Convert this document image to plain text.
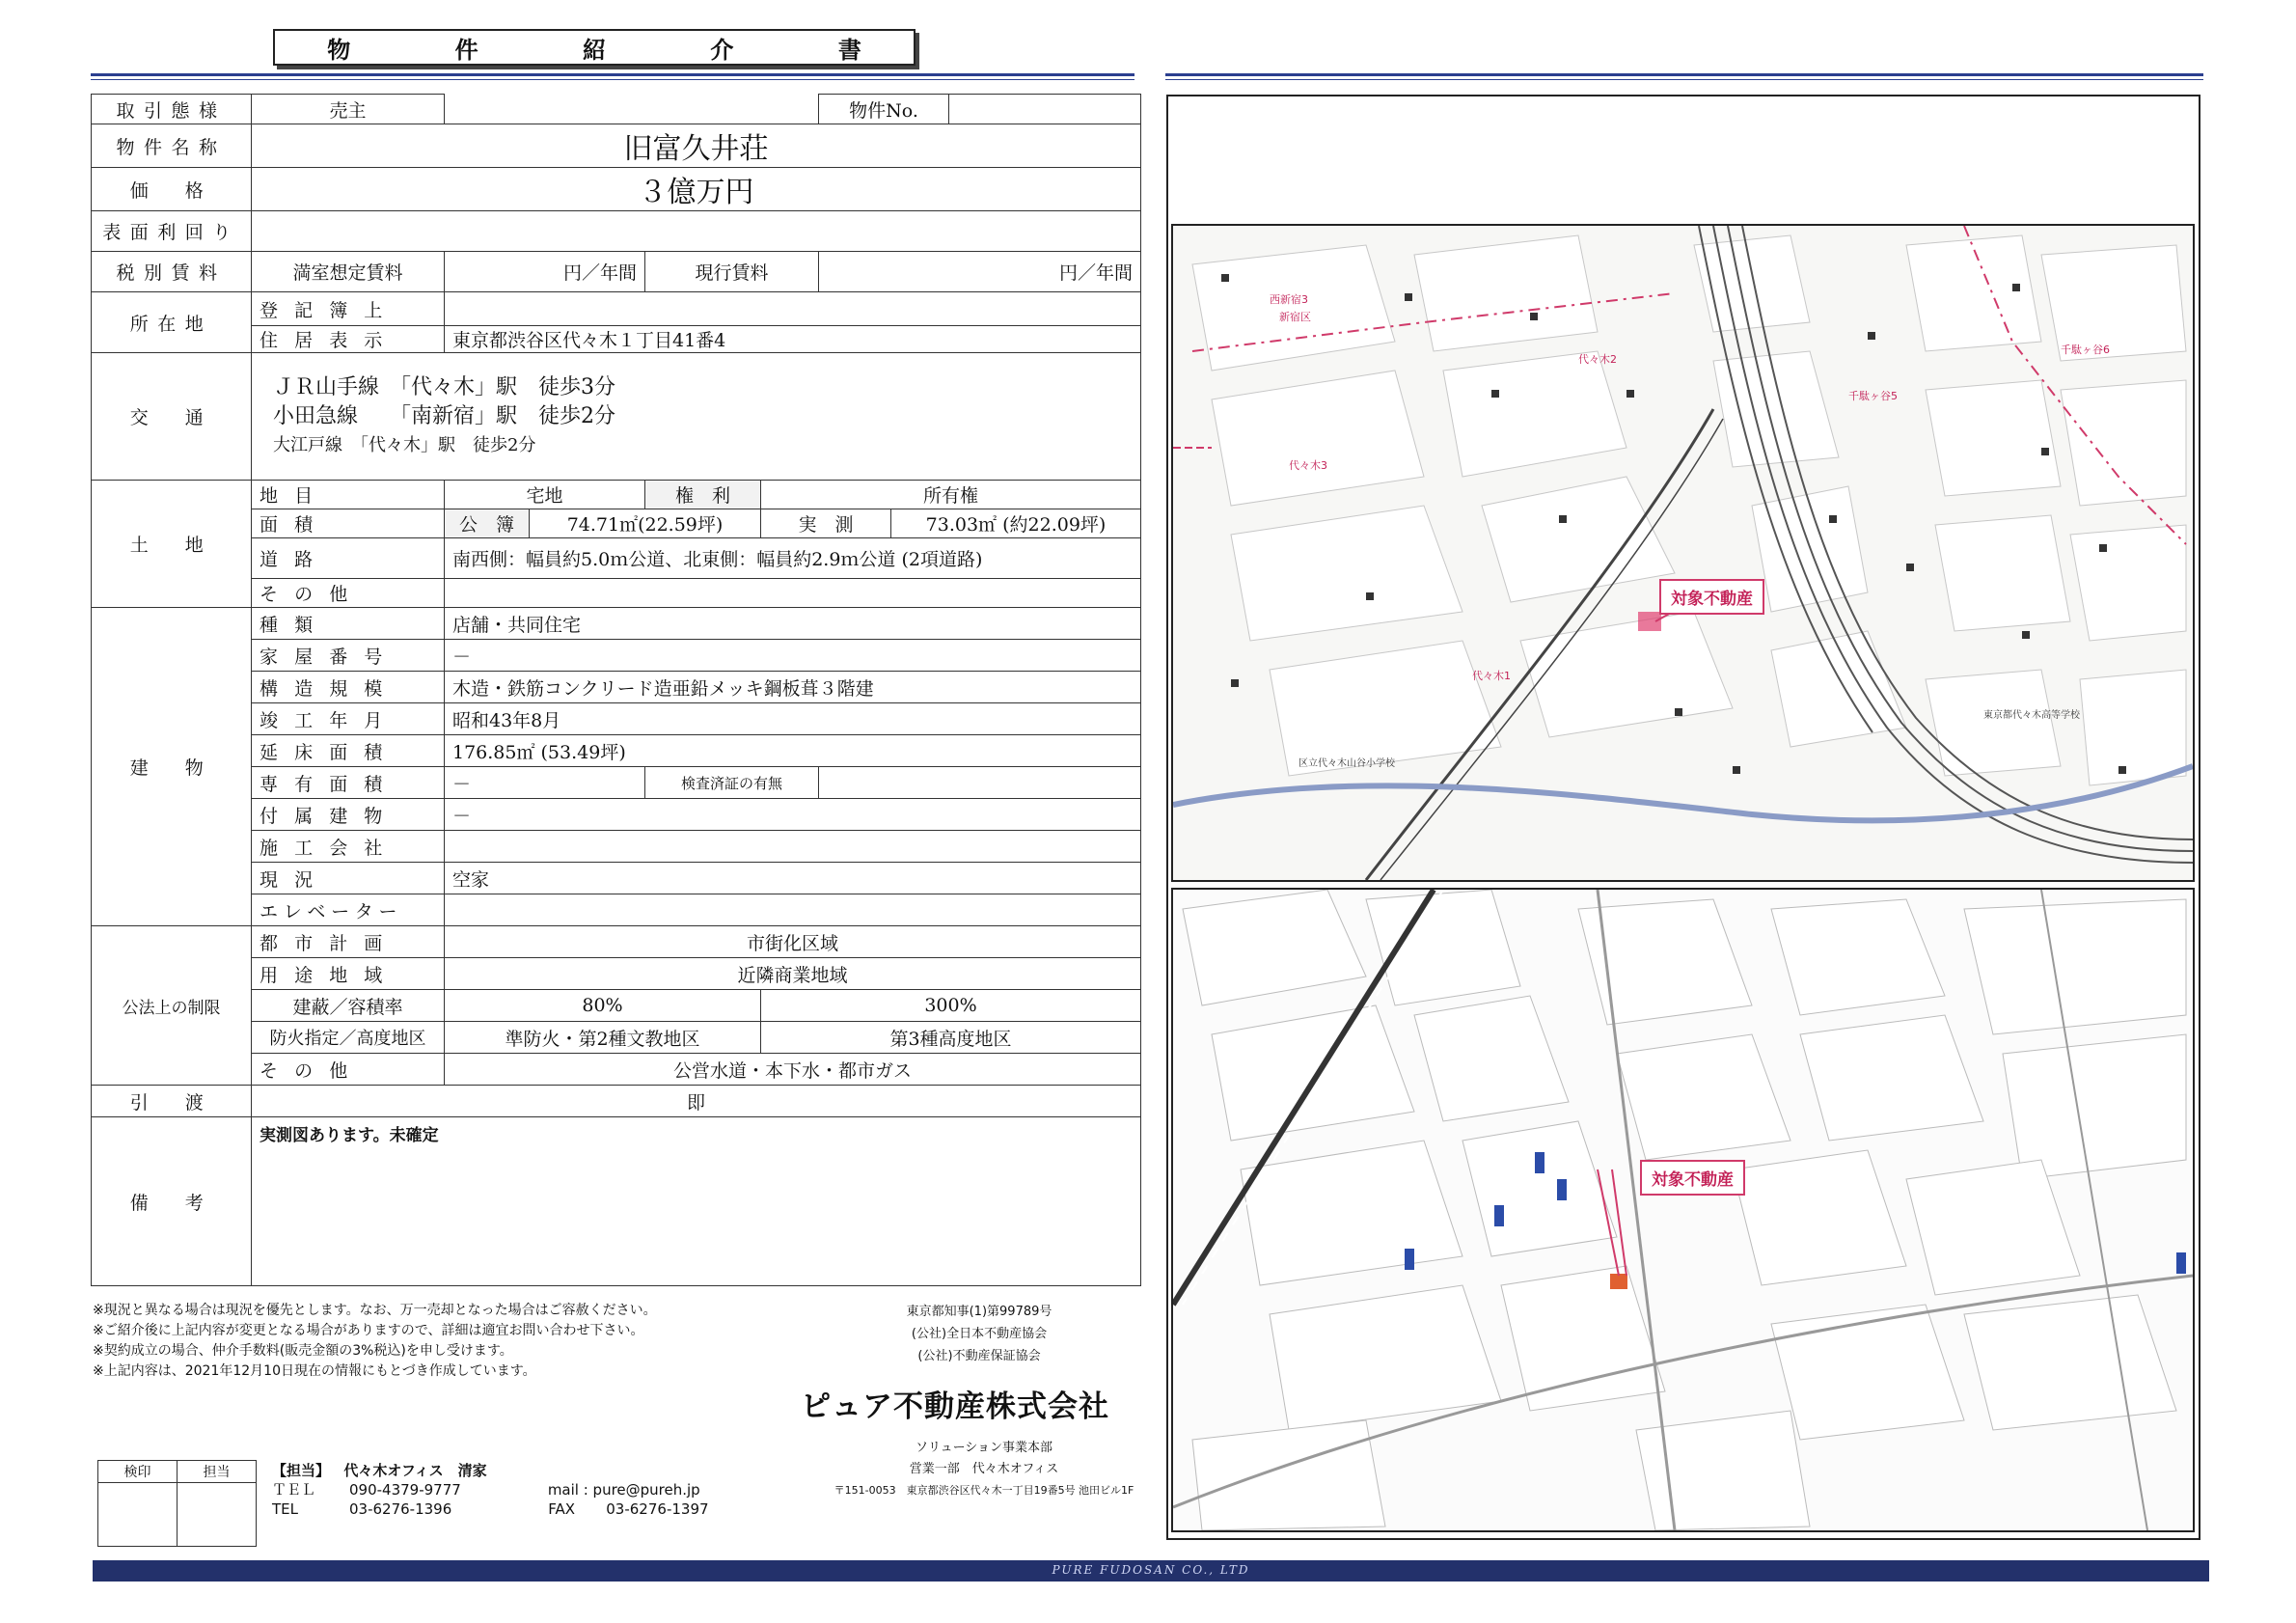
物	件	紹	介	書
取引態様	売主					物件No.		
物件名称	旧富久井荘							
価　格	３億万円							
表面利回り								
税別賃料	満室想定賃料	円／年間		現行賃料		円／年間		
所在地	登記簿上							
	住居表示	東京都渋谷区代々木１丁目41番4						
交　通	ＪＲ山手線　「代々木」駅　徒歩3分
小田急線　　「南新宿」駅　徒歩2分
大江戸線　「代々木」駅　徒歩2分							

土　地	地目	宅地		権　利	所有権			
	面積	公　簿	74.71㎡(22.59坪)		実　測		73.03㎡ (約22.09坪)	
	道路	南西側：幅員約5.0ｍ公道、北東側：幅員約2.9ｍ公道 (2項道路)						
	その他							
建　物	種類	店舗・共同住宅						
	家屋番号	－						
	構造規模	木造・鉄筋コンクリード造亜鉛メッキ鋼板葺３階建						
	竣工年月	昭和43年8月						
	延床面積	176.85㎡ (53.49坪)						
	専有面積	－		検査済証の有無				
	付属建物	－						
	施工会社							
	現況	空家						
	エレベーター							
公法上の制限	都市計画	市街化区域						
	用途地域	近隣商業地域						
	建蔽／容積率	80%			300%			
	防火指定／高度地区	準防火・第2種文教地区			第3種高度地区			
	その他	公営水道・本下水・都市ガス						
引　渡	即							
備　考	実測図あります。未確定							
※現況と異なる場合は現況を優先とします。なお、万一売却となった場合はご容赦ください。
※ご紹介後に上記内容が変更となる場合がありますので、詳細は適宜お問い合わせ下さい。
※契約成立の場合、仲介手数料(販売金額の3%税込)を申し受けます。
※上記内容は、2021年12月10日現在の情報にもとづき作成しています。
東京都知事(1)第99789号
(公社)全日本不動産協会
(公社)不動産保証協会
ピュア不動産株式会社
ソリューション事業本部
営業一部　代々木オフィス
〒151-0053　東京都渋谷区代々木一丁目19番5号 池田ビル1F
検印	担当
		【担当】 代々木オフィス　清家
ＴＥＬ 090-4379-9777	mail : pure@pureh.jp
TEL	03-6276-1396	FAX 03-6276-1397
PURE FUDOSAN CO., LTD
西新宿3
新宿区
代々木2
代々木3
千駄ヶ谷5
千駄ヶ谷6
代々木1
区立代々木山谷小学校
東京都代々木高等学校
対象不動産
対象不動産
